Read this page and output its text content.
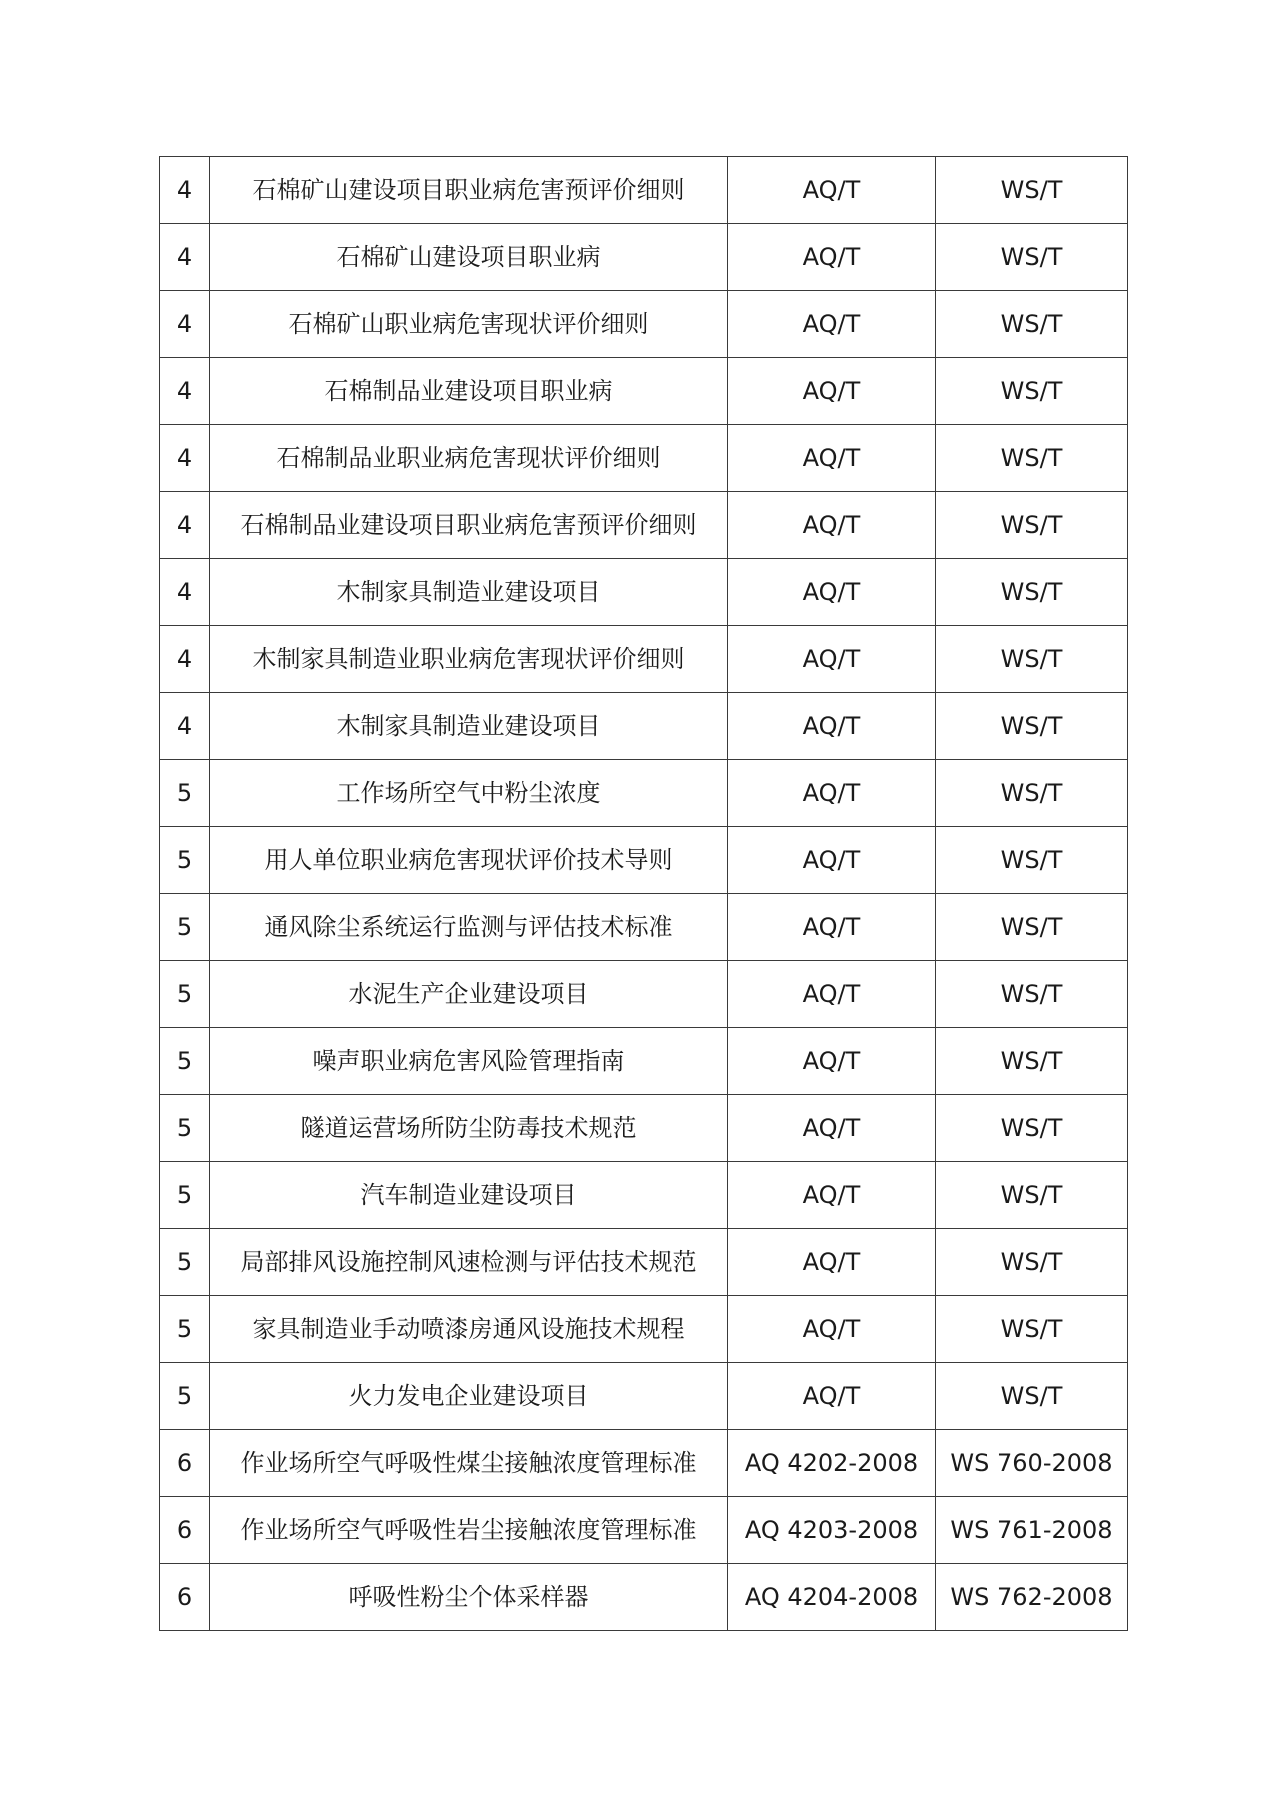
4	石棉矿山建设项目职业病危害预评价细则	AQ/T	WS/T
4	石棉矿山建设项目职业病	AQ/T	WS/T
4	石棉矿山职业病危害现状评价细则	AQ/T	WS/T
4	石棉制品业建设项目职业病	AQ/T	WS/T
4	石棉制品业职业病危害现状评价细则	AQ/T	WS/T
4	石棉制品业建设项目职业病危害预评价细则	AQ/T	WS/T
4	木制家具制造业建设项目	AQ/T	WS/T
4	木制家具制造业职业病危害现状评价细则	AQ/T	WS/T
4	木制家具制造业建设项目	AQ/T	WS/T
5	工作场所空气中粉尘浓度	AQ/T	WS/T
5	用人单位职业病危害现状评价技术导则	AQ/T	WS/T
5	通风除尘系统运行监测与评估技术标准	AQ/T	WS/T
5	水泥生产企业建设项目	AQ/T	WS/T
5	噪声职业病危害风险管理指南	AQ/T	WS/T
5	隧道运营场所防尘防毒技术规范	AQ/T	WS/T
5	汽车制造业建设项目	AQ/T	WS/T
5	局部排风设施控制风速检测与评估技术规范	AQ/T	WS/T
5	家具制造业手动喷漆房通风设施技术规程	AQ/T	WS/T
5	火力发电企业建设项目	AQ/T	WS/T
6	作业场所空气呼吸性煤尘接触浓度管理标准	AQ 4202-2008	WS 760-2008
6	作业场所空气呼吸性岩尘接触浓度管理标准	AQ 4203-2008	WS 761-2008
6	呼吸性粉尘个体采样器	AQ 4204-2008	WS 762-2008
